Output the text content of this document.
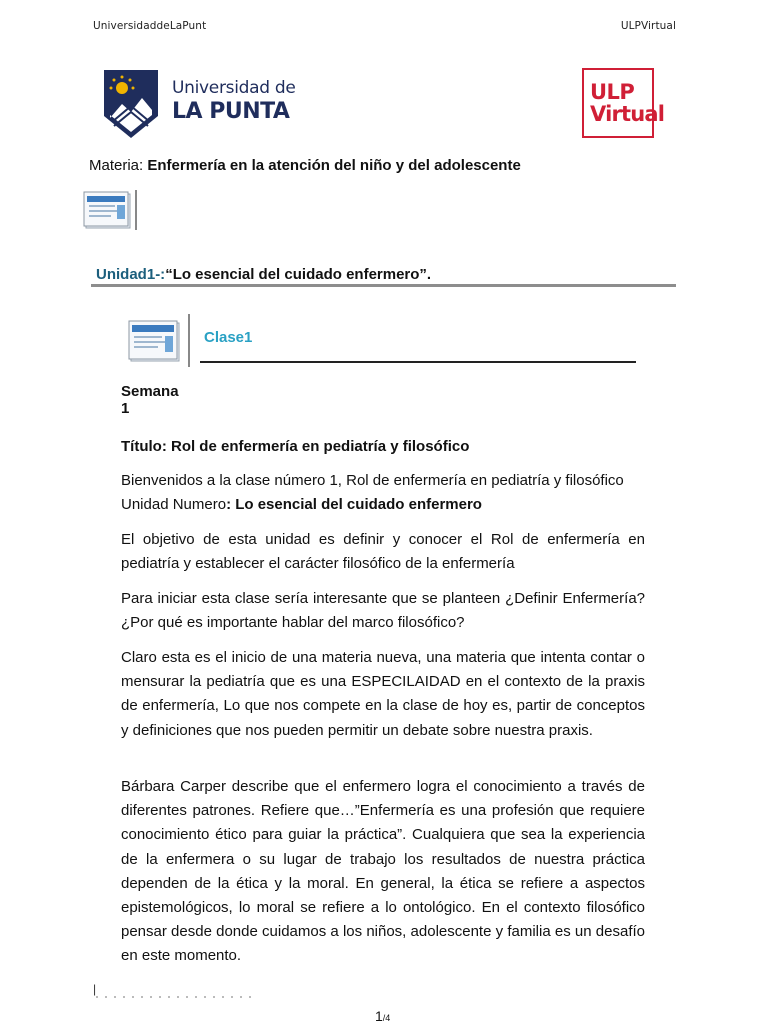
UniversidaddeLaPunt	ULPVirtual
Universidad de
LA PUNTA
ULP
Virtual
Materia: Enfermería en la atención del niño y del adolescente
Unidad1-:“Lo esencial del cuidado enfermero”.
Clase1
Semana
1
Título: Rol de enfermería en pediatría y filosófico

Bienvenidos a la clase número 1, Rol de enfermería en pediatría y filosófico
Unidad Numero: Lo esencial del cuidado enfermero

El objetivo de esta unidad es definir y conocer el Rol de enfermería en pediatría y establecer el carácter filosófico de la enfermería

Para iniciar esta clase sería interesante que se planteen ¿Definir Enfermería? ¿Por qué es importante hablar del marco filosófico?

Claro esta es el inicio de una materia nueva, una materia que intenta contar o mensurar la pediatría que es una ESPECILAIDAD en el contexto de la praxis de enfermería, Lo que nos compete en la clase de hoy es, partir de conceptos y definiciones que nos pueden permitir un debate sobre nuestra praxis.

Bárbara Carper describe que el enfermero logra el conocimiento a través de diferentes patrones. Refiere que…”Enfermería es una profesión que requiere conocimiento ético para guiar la práctica”. Cualquiera que sea la experiencia de la enfermera o su lugar de trabajo los resultados de nuestra práctica dependen de la ética y la moral. En general, la ética se refiere a aspectos epistemológicos, lo moral se refiere a lo ontológico. En el contexto filosófico pensar desde donde cuidamos a los niños, adolescente y familia es un desafío en este momento.

|
1/4
